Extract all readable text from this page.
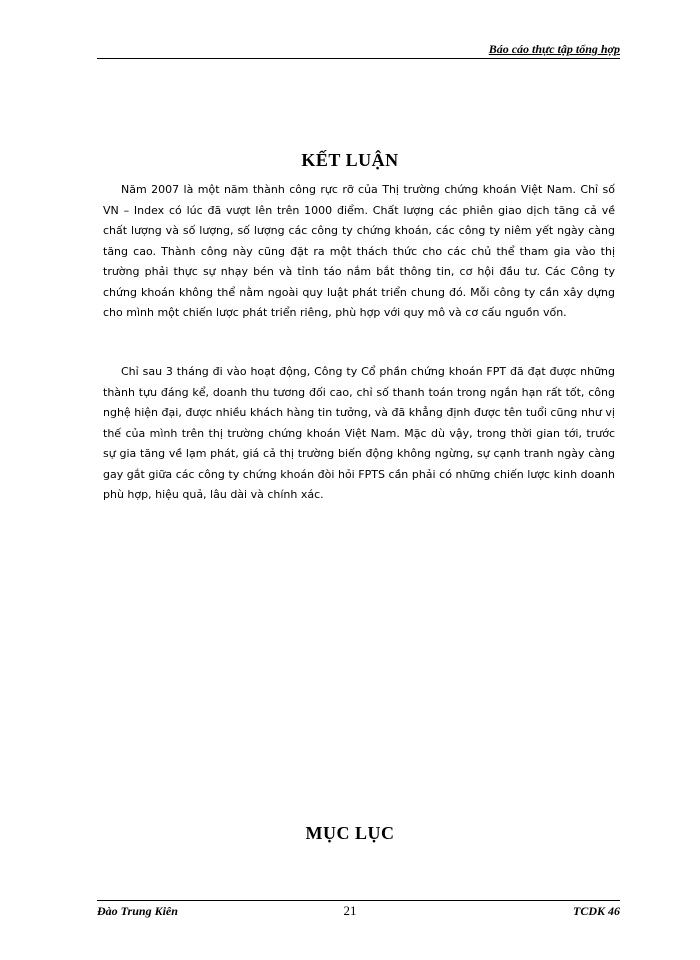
Báo cáo thực tập tổng hợp
KẾT LUẬN

Năm 2007 là một năm thành công rực rỡ của Thị trường chứng khoán Việt Nam. Chỉ số VN – Index có lúc đã vượt lên trên 1000 điểm. Chất lượng các phiên giao dịch tăng cả về chất lượng và số lượng, số lượng các công ty chứng khoán, các công ty niêm yết ngày càng tăng cao. Thành công này cũng đặt ra một thách thức cho các chủ thể tham gia vào thị trường phải thực sự nhạy bén và tỉnh táo nắm bắt thông tin, cơ hội đầu tư. Các Công ty chứng khoán không thể nằm ngoài quy luật phát triển chung đó. Mỗi công ty cần xây dựng cho mình một chiến lược phát triển riêng, phù hợp với quy mô và cơ cấu nguồn vốn.

Chỉ sau 3 tháng đi vào hoạt động, Công ty Cổ phần chứng khoán FPT đã đạt được những thành tựu đáng kể, doanh thu tương đối cao, chỉ số thanh toán trong ngắn hạn rất tốt, công nghệ hiện đại, được nhiều khách hàng tin tưởng, và đã khẳng định được tên tuổi cũng như vị thế của mình trên thị trường chứng khoán Việt Nam. Mặc dù vậy, trong thời gian tới, trước sự gia tăng về lạm phát, giá cả thị trường biến động không ngừng, sự cạnh tranh ngày càng gay gắt giữa các công ty chứng khoán đòi hỏi FPTS cần phải có những chiến lược kinh doanh phù hợp, hiệu quả, lâu dài và chính xác.

MỤC LỤC
Đào Trung Kiên	21	TCDK 46
